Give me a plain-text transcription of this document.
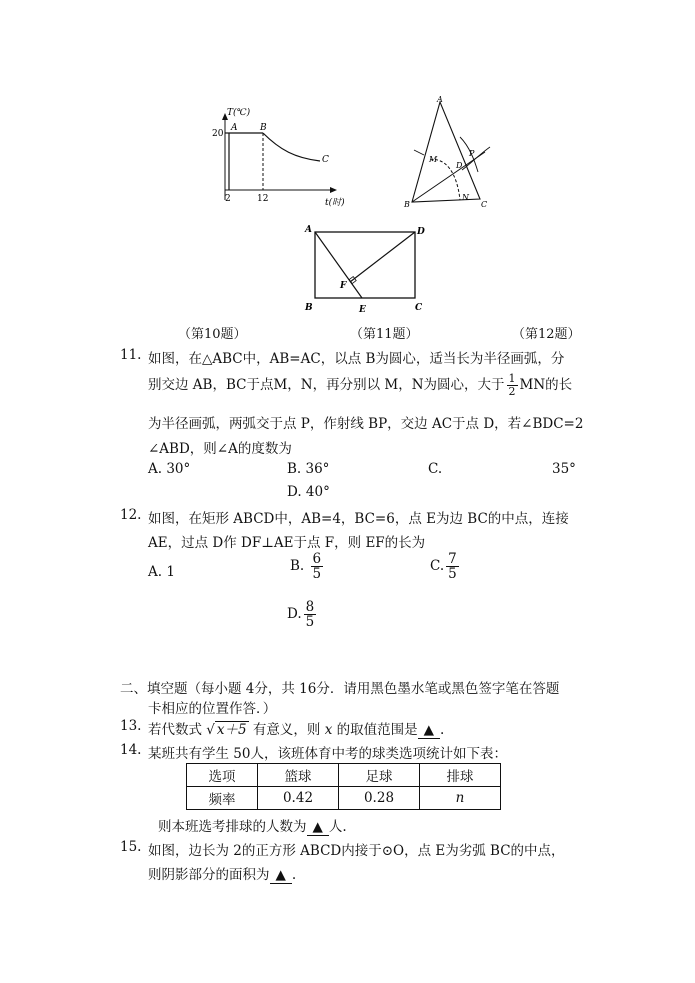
T(℃)
20
A	B
C
2	12	t(时)
A
B	C
M
N
P
D
A	D
B	C
E
F
（第10题）	（第11题）	（第12题）
11. 如图，在△ABC中，AB=AC，以点 B为圆心，适当长为半径画弧，分
别交边 AB，BC于点M，N，再分别以 M，N为圆心，大于 $\frac{1}{2}$ MN的长
为半径画弧，两弧交于点 P，作射线 BP，交边 AC于点 D，若∠BDC=2
∠ABD，则∠A的度数为
A. 30°	B. 36°	C.	35°
D. 40°
12. 如图，在矩形 ABCD中，AB=4，BC=6，点 E为边 BC的中点，连接
AE，过点 D作 DF⊥AE于点 F，则 EF的长为
A. 1	B. $\frac{6}{5}$	C. $\frac{7}{5}$
D. $\frac{8}{5}$
二、填空题（每小题 4分，共 16分．请用黑色墨水笔或黑色签字笔在答题
卡相应的位置作答．）
13. 若代数式 √ x＋5 有意义，则 x 的取值范围是 ▲ .
14. 某班共有学生 50人，该班体育中考的球类选项统计如下表：
选项	篮球	足球	排球
频率	0.42	0.28	n
则本班选考排球的人数为 ▲ 人.
15. 如图，边长为 2的正方形 ABCD内接于⊙O，点 E为劣弧 BC的中点，
则阴影部分的面积为 ▲ .
